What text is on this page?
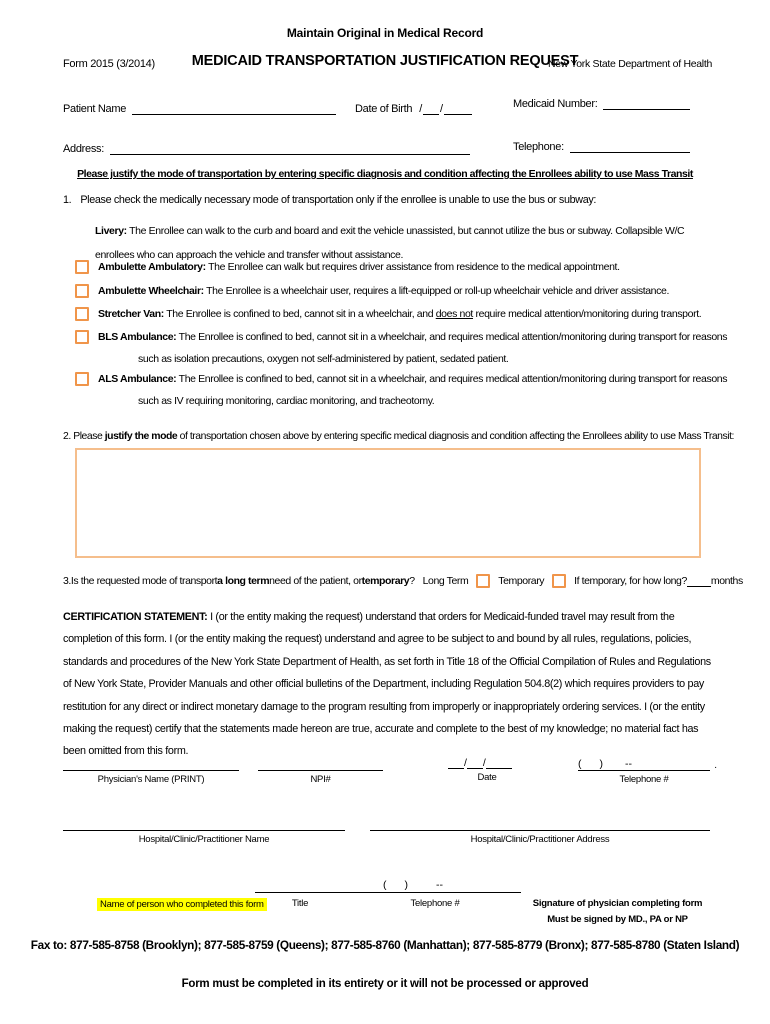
Maintain Original in Medical Record
Form 2015 (3/2014)	MEDICAID TRANSPORTATION JUSTIFICATION REQUEST
New York State Department of Health
Patient Name	Date of Birth / /	Medicaid Number:
Address:	Telephone:
Please justify the mode of transportation by entering specific diagnosis and condition affecting the Enrollees ability to use Mass Transit
1. Please check the medically necessary mode of transportation only if the enrollee is unable to use the bus or subway:
Livery: The Enrollee can walk to the curb and board and exit the vehicle unassisted, but cannot utilize the bus or subway. Collapsible W/C enrollees who can approach the vehicle and transfer without assistance.
Ambulette Ambulatory: The Enrollee can walk but requires driver assistance from residence to the medical appointment.
Ambulette Wheelchair: The Enrollee is a wheelchair user, requires a lift-equipped or roll-up wheelchair vehicle and driver assistance.
Stretcher Van: The Enrollee is confined to bed, cannot sit in a wheelchair, and does not require medical attention/monitoring during transport.
BLS Ambulance: The Enrollee is confined to bed, cannot sit in a wheelchair, and requires medical attention/monitoring during transport for reasons
such as isolation precautions, oxygen not self-administered by patient, sedated patient.
ALS Ambulance: The Enrollee is confined to bed, cannot sit in a wheelchair, and requires medical attention/monitoring during transport for reasons
such as IV requiring monitoring, cardiac monitoring, and tracheotomy.
2. Please justify the mode of transportation chosen above by entering specific medical diagnosis and condition affecting the Enrollees ability to use Mass Transit:
3. Is the requested mode of transport a long term need of the patient, or temporary ? Long Term	Temporary	If temporary, for how long? months
CERTIFICATION STATEMENT: I (or the entity making the request) understand that orders for Medicaid-funded travel may result from the completion of this form. I (or the entity making the request) understand and agree to be subject to and bound by all rules, regulations, policies, standards and procedures of the New York State Department of Health, as set forth in Title 18 of the Official Compilation of Rules and Regulations of New York State, Provider Manuals and other official bulletins of the Department, including Regulation 504.8(2) which requires providers to pay restitution for any direct or indirect monetary damage to the program resulting from improperly or inappropriately ordering services. I (or the entity making the request) certify that the statements made hereon are true, accurate and complete to the best of my knowledge; no material fact has been omitted from this form.
Physician's Name (PRINT)	NPI#
/ /
Date
( ) --	.
Telephone #
Hospital/Clinic/Practitioner Name	Hospital/Clinic/Practitioner Address
( )	--
Name of person who completed this form	Title	Telephone #	Signature of physician completing form
Must be signed by MD., PA or NP
Fax to: 877-585-8758 (Brooklyn); 877-585-8759 (Queens); 877-585-8760 (Manhattan); 877-585-8779 (Bronx); 877-585-8780 (Staten Island)
Form must be completed in its entirety or it will not be processed or approved
